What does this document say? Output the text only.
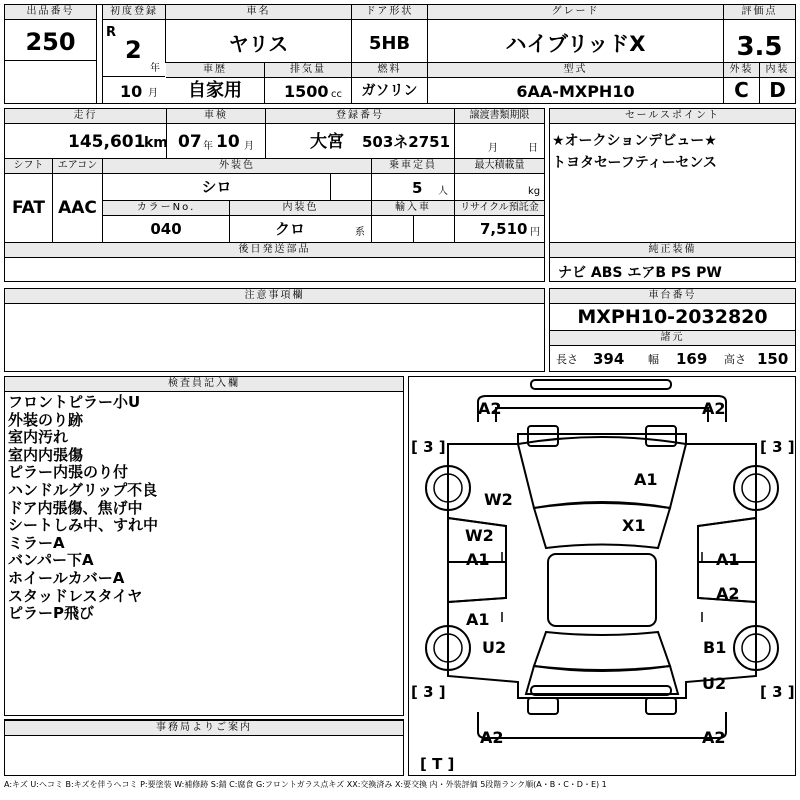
出品番号
250
初度登録
R
2
年
10 月
車名
ヤリス
ドア形状
5HB
グレード
ハイブリッドX
評価点
3.5
車歴
自家用
排気量
1500 cc
燃料
ガソリン
型式
6AA-MXPH10
外装	内装
C	D
走行
145,601
km
車検
07 年 10 月
登録番号
大宮 503ネ2751
譲渡書類期限
月	日
シフト
FAT
エアコン
AAC
外装色
シロ
乗車定員
5 人
最大積載量
kg
カラーNo.
040
内装色
クロ	系
輸入車	リサイクル預託金
7,510 円
後日発送部品
セールスポイント
★オークションデビュー★
トヨタセーフティーセンス
純正装備
ナビ ABS エアB PS PW
注意事項欄	車台番号
MXPH10-2032820
諸元
長さ 394 幅 169 高さ 150
検査員記入欄
フロントピラー小U
外装のり跡
室内汚れ
室内内張傷
ピラー内張のり付
ハンドルグリップ不良
ドア内張傷、焦げ中
シートしみ中、すれ中
ミラーA
バンパー下A
ホイールカバーA
スタッドレスタイヤ
ピラーP飛び
事務局よりご案内
A2	A2
A1
W2
X1
W2
A1	A1
A2
A1
U2	B1
U2
A2	A2
[ 3 ]	[ 3 ]
[ 3 ]	[ 3 ]
[ T ]
A:キズ U:ヘコミ B:キズを伴うヘコミ P:要塗装 W:補修跡 S:錆 C:腐食 G:フロントガラス点キズ XX:交換済み X:要交換 内・外装評価 5段階ランク順(A・B・C・D・E) 1
